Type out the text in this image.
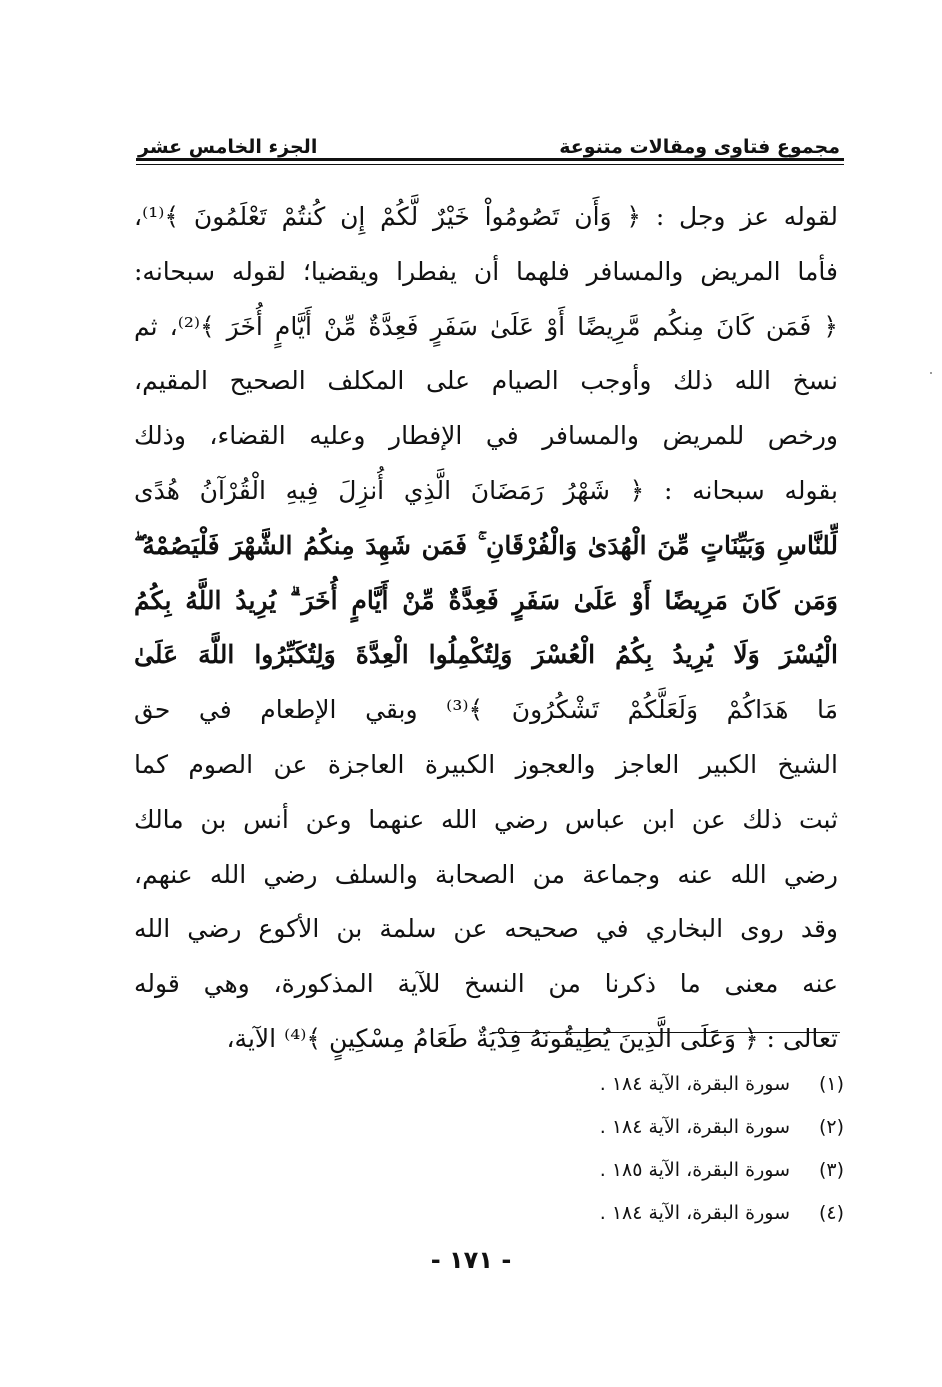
مجموع فتاوى ومقالات متنوعة
الجزء الخامس عشر
لقوله عز وجل : ﴿ وَأَن تَصُومُواْ خَيْرٌ لَّكُمْ إِن كُنتُمْ تَعْلَمُونَ ﴾⁽¹⁾،
فأما المريض والمسافر فلهما أن يفطرا ويقضيا؛ لقوله سبحانه:
﴿ فَمَن كَانَ مِنكُم مَّرِيضًا أَوْ عَلَىٰ سَفَرٍ فَعِدَّةٌ مِّنْ أَيَّامٍ أُخَرَ ﴾⁽²⁾، ثم
نسخ الله ذلك وأوجب الصيام على المكلف الصحيح المقيم،
ورخص للمريض والمسافر في الإفطار وعليه القضاء، وذلك
بقوله سبحانه : ﴿ شَهْرُ رَمَضَانَ الَّذِي أُنزِلَ فِيهِ الْقُرْآنُ هُدًى
لِّلنَّاسِ وَبَيِّنَاتٍ مِّنَ الْهُدَىٰ وَالْفُرْقَانِ ۚ فَمَن شَهِدَ مِنكُمُ الشَّهْرَ فَلْيَصُمْهُ ۖ
وَمَن كَانَ مَرِيضًا أَوْ عَلَىٰ سَفَرٍ فَعِدَّةٌ مِّنْ أَيَّامٍ أُخَرَ ۗ يُرِيدُ اللَّهُ بِكُمُ
الْيُسْرَ وَلَا يُرِيدُ بِكُمُ الْعُسْرَ وَلِتُكْمِلُوا الْعِدَّةَ وَلِتُكَبِّرُوا اللَّهَ عَلَىٰ
مَا هَدَاكُمْ وَلَعَلَّكُمْ تَشْكُرُونَ ﴾⁽³⁾ وبقي الإطعام في حق
الشيخ الكبير العاجز والعجوز الكبيرة العاجزة عن الصوم كما
ثبت ذلك عن ابن عباس رضي الله عنهما وعن أنس بن مالك
رضي الله عنه وجماعة من الصحابة والسلف رضي الله عنهم،
وقد روى البخاري في صحيحه عن سلمة بن الأكوع رضي الله
عنه معنى ما ذكرنا من النسخ للآية المذكورة، وهي قوله
تعالى : ﴿ وَعَلَى الَّذِينَ يُطِيقُونَهُ فِدْيَةٌ طَعَامُ مِسْكِينٍ ﴾⁽⁴⁾ الآية،
(١)
سورة البقرة، الآية ١٨٤ .
(٢)
سورة البقرة، الآية ١٨٤ .
(٣)
سورة البقرة، الآية ١٨٥ .
(٤)
سورة البقرة، الآية ١٨٤ .
- ١٧١ -
